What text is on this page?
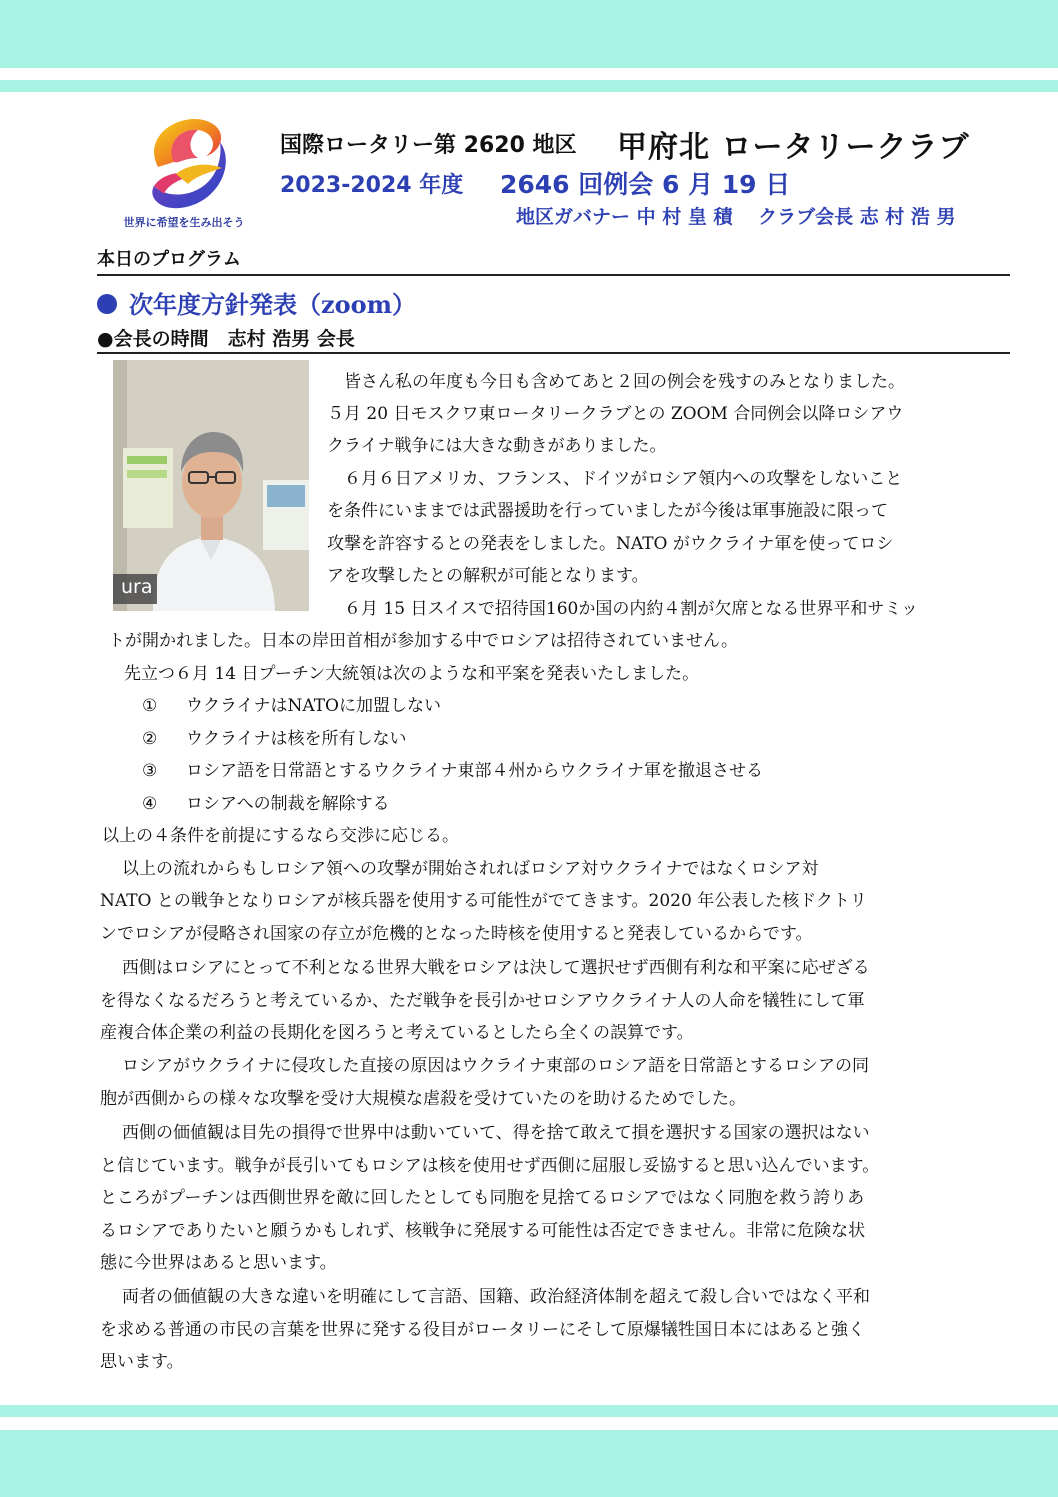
世界に希望を生み出そう
国際ロータリー第 2620 地区 甲府北 ロータリークラブ
2023-2024 年度 2646 回例会 6 月 19 日
地区ガバナー 中 村 皇 積　 クラブ会長 志 村 浩 男
本日のプログラム
次年度方針発表（zoom）
●会長の時間　志村 浩男 会長
ura
皆さん私の年度も今日も含めてあと２回の例会を残すのみとなりました。
５月 20 日モスクワ東ロータリークラブとの ZOOM 合同例会以降ロシアウ
クライナ戦争には大きな動きがありました。
６月６日アメリカ、フランス、ドイツがロシア領内への攻撃をしないこと
を条件にいままでは武器援助を行っていましたが今後は軍事施設に限って
攻撃を許容するとの発表をしました。NATO がウクライナ軍を使ってロシ
アを攻撃したとの解釈が可能となります。
６月 15 日スイスで招待国160か国の内約４割が欠席となる世界平和サミッ
トが開かれました。日本の岸田首相が参加する中でロシアは招待されていません。
先立つ６月 14 日プーチン大統領は次のような和平案を発表いたしました。
① ウクライナはNATOに加盟しない
② ウクライナは核を所有しない
③ ロシア語を日常語とするウクライナ東部４州からウクライナ軍を撤退させる
④ ロシアへの制裁を解除する
以上の４条件を前提にするなら交渉に応じる。
以上の流れからもしロシア領への攻撃が開始されればロシア対ウクライナではなくロシア対
NATO との戦争となりロシアが核兵器を使用する可能性がでてきます。2020 年公表した核ドクトリ
ンでロシアが侵略され国家の存立が危機的となった時核を使用すると発表しているからです。
西側はロシアにとって不利となる世界大戦をロシアは決して選択せず西側有利な和平案に応ぜざる
を得なくなるだろうと考えているか、ただ戦争を長引かせロシアウクライナ人の人命を犠牲にして軍
産複合体企業の利益の長期化を図ろうと考えているとしたら全くの誤算です。
ロシアがウクライナに侵攻した直接の原因はウクライナ東部のロシア語を日常語とするロシアの同
胞が西側からの様々な攻撃を受け大規模な虐殺を受けていたのを助けるためでした。
西側の価値観は目先の損得で世界中は動いていて、得を捨て敢えて損を選択する国家の選択はない
と信じています。戦争が長引いてもロシアは核を使用せず西側に屈服し妥協すると思い込んでいます。
ところがプーチンは西側世界を敵に回したとしても同胞を見捨てるロシアではなく同胞を救う誇りあ
るロシアでありたいと願うかもしれず、核戦争に発展する可能性は否定できません。非常に危険な状
態に今世界はあると思います。
両者の価値観の大きな違いを明確にして言語、国籍、政治経済体制を超えて殺し合いではなく平和
を求める普通の市民の言葉を世界に発する役目がロータリーにそして原爆犠牲国日本にはあると強く
思います。
